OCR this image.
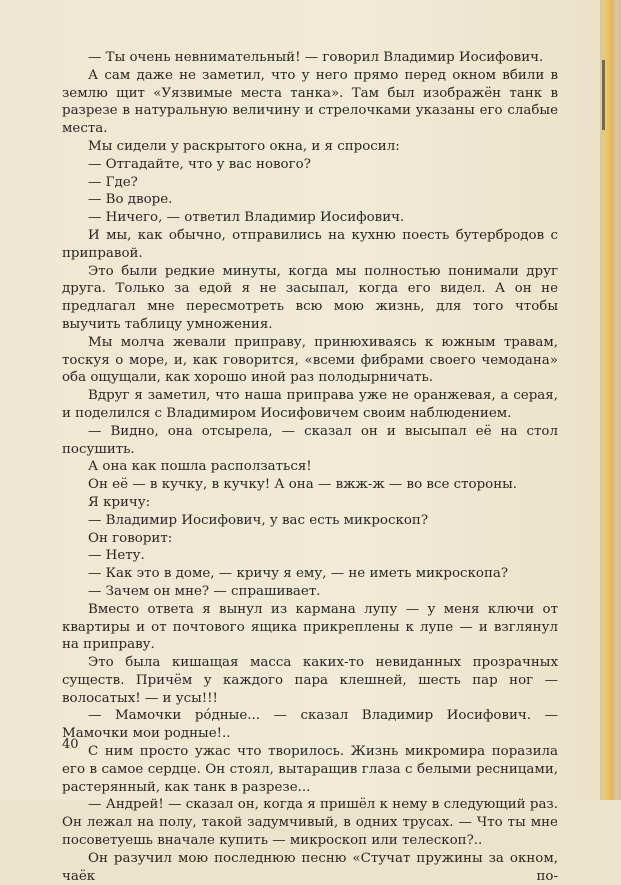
— Ты очень невнимательный! — говорил Владимир Иосифович.

А сам даже не заметил, что у него прямо перед окном вбили в землю щит «Уязвимые места танка». Там был изображён танк в разрезе в натуральную величину и стрелочками указаны его слабые места.

Мы сидели у раскрытого окна, и я спросил:

— Отгадайте, что у вас нового?

— Где?

— Во дворе.

— Ничего, — ответил Владимир Иосифович.

И мы, как обычно, отправились на кухню поесть бутербродов с приправой.

Это были редкие минуты, когда мы полностью понимали друг друга. Только за едой я не засыпал, когда его видел. А он не предлагал мне пересмотреть всю мою жизнь, для того чтобы выучить таблицу умножения.

Мы молча жевали приправу, принюхиваясь к южным травам, тоскуя о море, и, как говорится, «всеми фибрами своего чемодана» оба ощущали, как хорошо иной раз полодырничать.

Вдруг я заметил, что наша приправа уже не оранжевая, а серая, и поделился с Владимиром Иосифовичем своим наблюдением.

— Видно, она отсырела, — сказал он и высыпал её на стол посушить.

А она как пошла расползаться!

Он её — в кучку, в кучку! А она — вжж-ж — во все стороны.

Я кричу:

— Владимир Иосифович, у вас есть микроскоп?

Он говорит:

— Нету.

— Как это в доме, — кричу я ему, — не иметь микроскопа?

— Зачем он мне? — спрашивает.

Вместо ответа я вынул из кармана лупу — у меня ключи от квартиры и от почтового ящика прикреплены к лупе — и взглянул на приправу.

Это была кишащая масса каких-то невиданных прозрачных существ. Причём у каждого пара клешней, шесть пар ног — волосатых! — и усы!!!

— Мамочки рóдные... — сказал Владимир Иосифович. — Мамочки мои родные!..

С ним просто ужас что творилось. Жизнь микромира поразила его в самое сердце. Он стоял, вытаращив глаза с белыми ресницами, растерянный, как танк в разрезе...

— Андрей! — сказал он, когда я пришёл к нему в следующий раз. Он лежал на полу, такой задумчивый, в одних трусах. — Что ты мне посоветуешь вначале купить — микроскоп или телескоп?..

Он разучил мою последнюю песню «Стучат пружины за окном, чаёк по-

40
